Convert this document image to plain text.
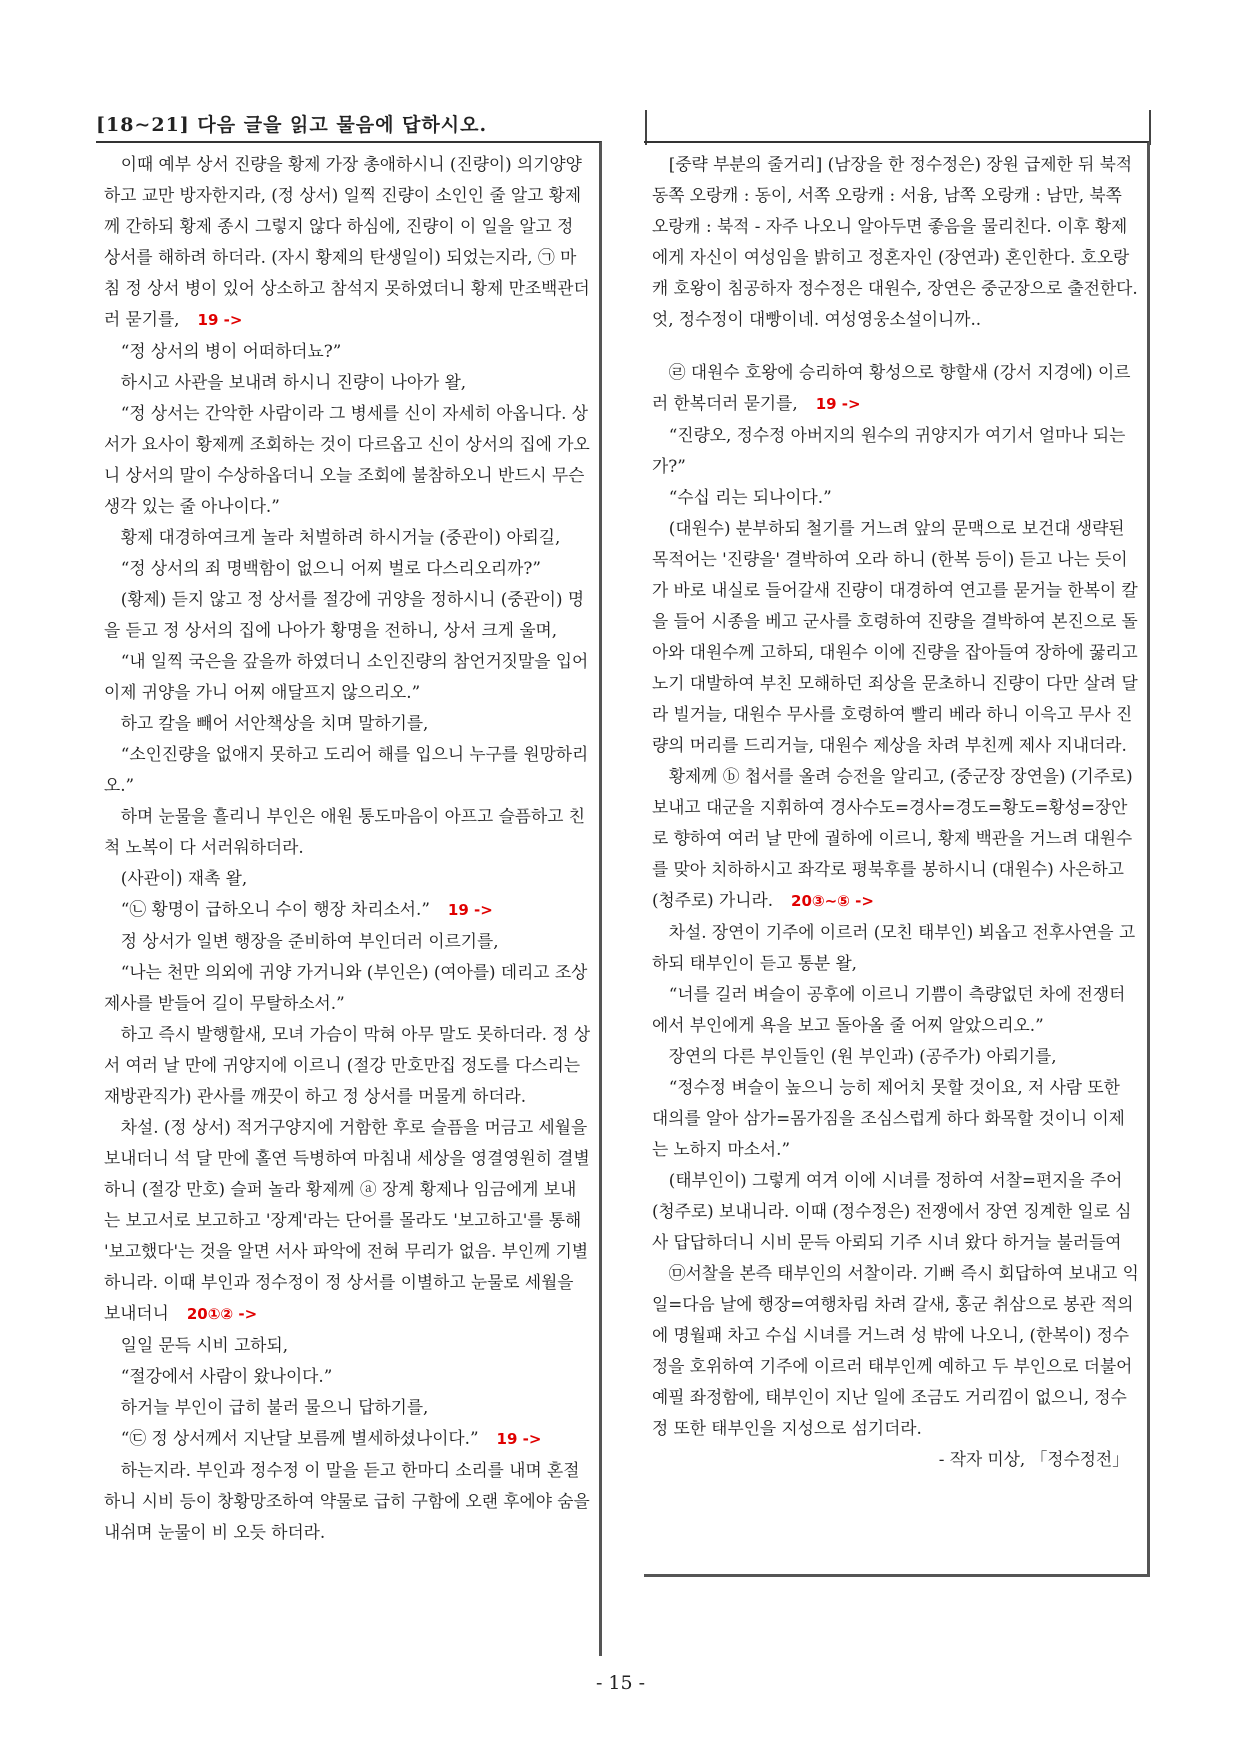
[18∼21] 다음 글을 읽고 물음에 답하시오.

이때 예부 상서 진량을 황제 가장 총애하시니 (진량이) 의기양양하고 교만 방자한지라, (정 상서) 일찍 진량이 소인인 줄 알고 황제께 간하되 황제 종시 그렇지 않다 하심에, 진량이 이 일을 알고 정 상서를 해하려 하더라. (자시 황제의 탄생일이) 되었는지라, ㉠ 마침 정 상서 병이 있어 상소하고 참석지 못하였더니 황제 만조백관더러 묻기를, 19 ->

“정 상서의 병이 어떠하더뇨?”

하시고 사관을 보내려 하시니 진량이 나아가 왈,

“정 상서는 간악한 사람이라 그 병세를 신이 자세히 아옵니다. 상서가 요사이 황제께 조회하는 것이 다르옵고 신이 상서의 집에 가오니 상서의 말이 수상하옵더니 오늘 조회에 불참하오니 반드시 무슨 생각 있는 줄 아나이다.”

황제 대경하여크게 놀라 처벌하려 하시거늘 (중관이) 아뢰길,

“정 상서의 죄 명백함이 없으니 어찌 벌로 다스리오리까?”

(황제) 듣지 않고 정 상서를 절강에 귀양을 정하시니 (중관이) 명을 듣고 정 상서의 집에 나아가 황명을 전하니, 상서 크게 울며,

“내 일찍 국은을 갚을까 하였더니 소인진량의 참언거짓말을 입어 이제 귀양을 가니 어찌 애달프지 않으리오.”

하고 칼을 빼어 서안책상을 치며 말하기를,

“소인진량을 없애지 못하고 도리어 해를 입으니 누구를 원망하리오.”

하며 눈물을 흘리니 부인은 애원 통도마음이 아프고 슬픔하고 친척 노복이 다 서러워하더라.

(사관이) 재촉 왈,

“㉡ 황명이 급하오니 수이 행장 차리소서.” 19 ->

정 상서가 일변 행장을 준비하여 부인더러 이르기를,

“나는 천만 의외에 귀양 가거니와 (부인은) (여아를) 데리고 조상 제사를 받들어 길이 무탈하소서.”

하고 즉시 발행할새, 모녀 가슴이 막혀 아무 말도 못하더라. 정 상서 여러 날 만에 귀양지에 이르니 (절강 만호만집 정도를 다스리는 재방관직가) 관사를 깨끗이 하고 정 상서를 머물게 하더라.

차설. (정 상서) 적거구양지에 거함한 후로 슬픔을 머금고 세월을 보내더니 석 달 만에 홀연 득병하여 마침내 세상을 영결영원히 결별하니 (절강 만호) 슬퍼 놀라 황제께 ⓐ 장계 황제나 임금에게 보내는 보고서로 보고하고 '장계'라는 단어를 몰라도 '보고하고'를 통해 '보고했다'는 것을 알면 서사 파악에 전혀 무리가 없음. 부인께 기별하니라. 이때 부인과 정수정이 정 상서를 이별하고 눈물로 세월을 보내더니 20①② ->

일일 문득 시비 고하되,

“절강에서 사람이 왔나이다.”

하거늘 부인이 급히 불러 물으니 답하기를,

“㉢ 정 상서께서 지난달 보름께 별세하셨나이다.” 19 ->

하는지라. 부인과 정수정 이 말을 듣고 한마디 소리를 내며 혼절하니 시비 등이 창황망조하여 약물로 급히 구함에 오랜 후에야 숨을 내쉬며 눈물이 비 오듯 하더라.

[중략 부분의 줄거리] (남장을 한 정수정은) 장원 급제한 뒤 북적동쪽 오랑캐 : 동이, 서쪽 오랑캐 : 서융, 남쪽 오랑캐 : 남만, 북쪽 오랑캐 : 북적 - 자주 나오니 알아두면 좋음을 물리친다. 이후 황제에게 자신이 여성임을 밝히고 정혼자인 (장연과) 혼인한다. 호오랑캐 호왕이 침공하자 정수정은 대원수, 장연은 중군장으로 출전한다.엇, 정수정이 대빵이네. 여성영웅소설이니까..

㉣ 대원수 호왕에 승리하여 황성으로 향할새 (강서 지경에) 이르러 한복더러 묻기를, 19 ->

“진량오, 정수정 아버지의 원수의 귀양지가 여기서 얼마나 되는가?”

“수십 리는 되나이다.”

(대원수) 분부하되 철기를 거느려 앞의 문맥으로 보건대 생략된 목적어는 '진량을' 결박하여 오라 하니 (한복 등이) 듣고 나는 듯이 가 바로 내실로 들어갈새 진량이 대경하여 연고를 묻거늘 한복이 칼을 들어 시종을 베고 군사를 호령하여 진량을 결박하여 본진으로 돌아와 대원수께 고하되, 대원수 이에 진량을 잡아들여 장하에 꿇리고 노기 대발하여 부친 모해하던 죄상을 문초하니 진량이 다만 살려 달라 빌거늘, 대원수 무사를 호령하여 빨리 베라 하니 이윽고 무사 진량의 머리를 드리거늘, 대원수 제상을 차려 부친께 제사 지내더라.

황제께 ⓑ 첩서를 올려 승전을 알리고, (중군장 장연을) (기주로) 보내고 대군을 지휘하여 경사수도=경사=경도=황도=황성=장안로 향하여 여러 날 만에 궐하에 이르니, 황제 백관을 거느려 대원수를 맞아 치하하시고 좌각로 평북후를 봉하시니 (대원수) 사은하고 (청주로) 가니라. 20③∼⑤ ->

차설. 장연이 기주에 이르러 (모친 태부인) 뵈옵고 전후사연을 고하되 태부인이 듣고 통분 왈,

“너를 길러 벼슬이 공후에 이르니 기쁨이 측량없던 차에 전쟁터에서 부인에게 욕을 보고 돌아올 줄 어찌 알았으리오.”

장연의 다른 부인들인 (원 부인과) (공주가) 아뢰기를,

“정수정 벼슬이 높으니 능히 제어치 못할 것이요, 저 사람 또한 대의를 알아 삼가=몸가짐을 조심스럽게 하다 화목할 것이니 이제는 노하지 마소서.”

(태부인이) 그렇게 여겨 이에 시녀를 정하여 서찰=편지을 주어 (청주로) 보내니라. 이때 (정수정은) 전쟁에서 장연 징계한 일로 심사 답답하더니 시비 문득 아뢰되 기주 시녀 왔다 하거늘 불러들여

㉤서찰을 본즉 태부인의 서찰이라. 기뻐 즉시 회답하여 보내고 익일=다음 날에 행장=여행차림 차려 갈새, 홍군 취삼으로 봉관 적의에 명월패 차고 수십 시녀를 거느려 성 밖에 나오니, (한복이) 정수정을 호위하여 기주에 이르러 태부인께 예하고 두 부인으로 더불어 예필 좌정함에, 태부인이 지난 일에 조금도 거리낌이 없으니, 정수정 또한 태부인을 지성으로 섬기더라.

- 작자 미상, 「정수정전」

- 15 -
